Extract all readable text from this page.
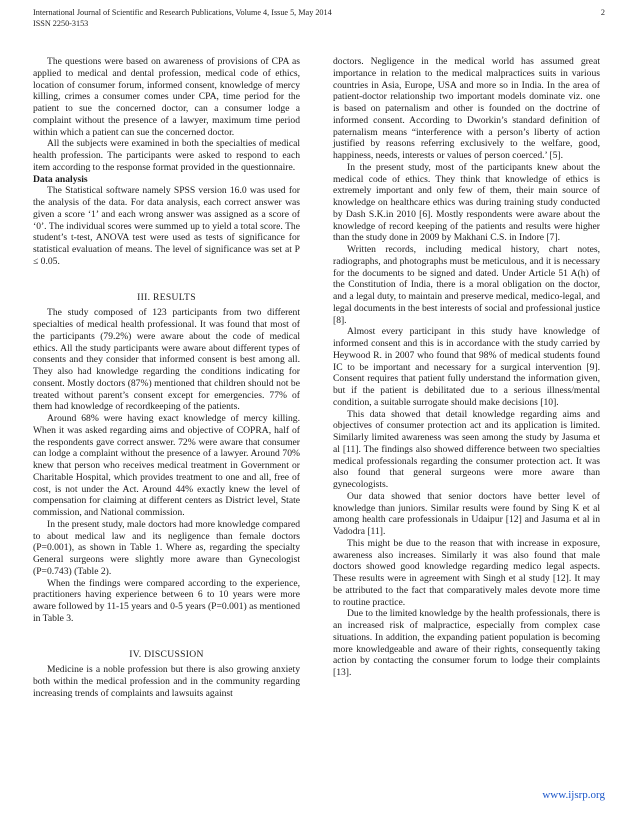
International Journal of Scientific and Research Publications, Volume 4, Issue 5, May 2014
ISSN 2250-3153
2

The questions were based on awareness of provisions of CPA as applied to medical and dental profession, medical code of ethics, location of consumer forum, informed consent, knowledge of mercy killing, crimes a consumer comes under CPA, time period for the patient to sue the concerned doctor, can a consumer lodge a complaint without the presence of a lawyer, maximum time period within which a patient can sue the concerned doctor.

All the subjects were examined in both the specialties of medical health profession. The participants were asked to respond to each item according to the response format provided in the questionnaire.

Data analysis

The Statistical software namely SPSS version 16.0 was used for the analysis of the data. For data analysis, each correct answer was given a score ‘1’ and each wrong answer was assigned as a score of ‘0’. The individual scores were summed up to yield a total score. The student’s t-test, ANOVA test were used as tests of significance for statistical evaluation of means. The level of significance was set at P ≤ 0.05.

III. RESULTS

The study composed of 123 participants from two different specialties of medical health professional. It was found that most of the participants (79.2%) were aware about the code of medical ethics. All the study participants were aware about different types of consents and they consider that informed consent is best among all. They also had knowledge regarding the conditions indicating for consent. Mostly doctors (87%) mentioned that children should not be treated without parent’s consent except for emergencies. 77% of them had knowledge of recordkeeping of the patients.

Around 68% were having exact knowledge of mercy killing. When it was asked regarding aims and objective of COPRA, half of the respondents gave correct answer. 72% were aware that consumer can lodge a complaint without the presence of a lawyer. Around 70% knew that person who receives medical treatment in Government or Charitable Hospital, which provides treatment to one and all, free of cost, is not under the Act. Around 44% exactly knew the level of compensation for claiming at different centers as District level, State commission, and National commission.

In the present study, male doctors had more knowledge compared to about medical law and its negligence than female doctors (P=0.001), as shown in Table 1. Where as, regarding the specialty General surgeons were slightly more aware than Gynecologist (P=0.743) (Table 2).

When the findings were compared according to the experience, practitioners having experience between 6 to 10 years were more aware followed by 11-15 years and 0-5 years (P=0.001) as mentioned in Table 3.

IV. DISCUSSION

Medicine is a noble profession but there is also growing anxiety both within the medical profession and in the community regarding increasing trends of complaints and lawsuits against

doctors. Negligence in the medical world has assumed great importance in relation to the medical malpractices suits in various countries in Asia, Europe, USA and more so in India. In the area of patient-doctor relationship two important models dominate viz. one is based on paternalism and other is founded on the doctrine of informed consent. According to Dworkin’s standard definition of paternalism means “interference with a person’s liberty of action justified by reasons referring exclusively to the welfare, good, happiness, needs, interests or values of person coerced.’ [5].

In the present study, most of the participants knew about the medical code of ethics. They think that knowledge of ethics is extremely important and only few of them, their main source of knowledge on healthcare ethics was during training study conducted by Dash S.K.in 2010 [6]. Mostly respondents were aware about the knowledge of record keeping of the patients and results were higher than the study done in 2009 by Makhani C.S. in Indore [7].

Written records, including medical history, chart notes, radiographs, and photographs must be meticulous, and it is necessary for the documents to be signed and dated. Under Article 51 A(h) of the Constitution of India, there is a moral obligation on the doctor, and a legal duty, to maintain and preserve medical, medico-legal, and legal documents in the best interests of social and professional justice [8].

Almost every participant in this study have knowledge of informed consent and this is in accordance with the study carried by Heywood R. in 2007 who found that 98% of medical students found IC to be important and necessary for a surgical intervention [9]. Consent requires that patient fully understand the information given, but if the patient is debilitated due to a serious illness/mental condition, a suitable surrogate should make decisions [10].

This data showed that detail knowledge regarding aims and objectives of consumer protection act and its application is limited. Similarly limited awareness was seen among the study by Jasuma et al [11]. The findings also showed difference between two specialties medical professionals regarding the consumer protection act. It was also found that general surgeons were more aware than gynecologists.

Our data showed that senior doctors have better level of knowledge than juniors. Similar results were found by Sing K et al among health care professionals in Udaipur [12] and Jasuma et al in Vadodra [11].

This might be due to the reason that with increase in exposure, awareness also increases. Similarly it was also found that male doctors showed good knowledge regarding medico legal aspects. These results were in agreement with Singh et al study [12]. It may be attributed to the fact that comparatively males devote more time to routine practice.

Due to the limited knowledge by the health professionals, there is an increased risk of malpractice, especially from complex case situations. In addition, the expanding patient population is becoming more knowledgeable and aware of their rights, consequently taking action by contacting the consumer forum to lodge their complaints [13].

www.ijsrp.org
